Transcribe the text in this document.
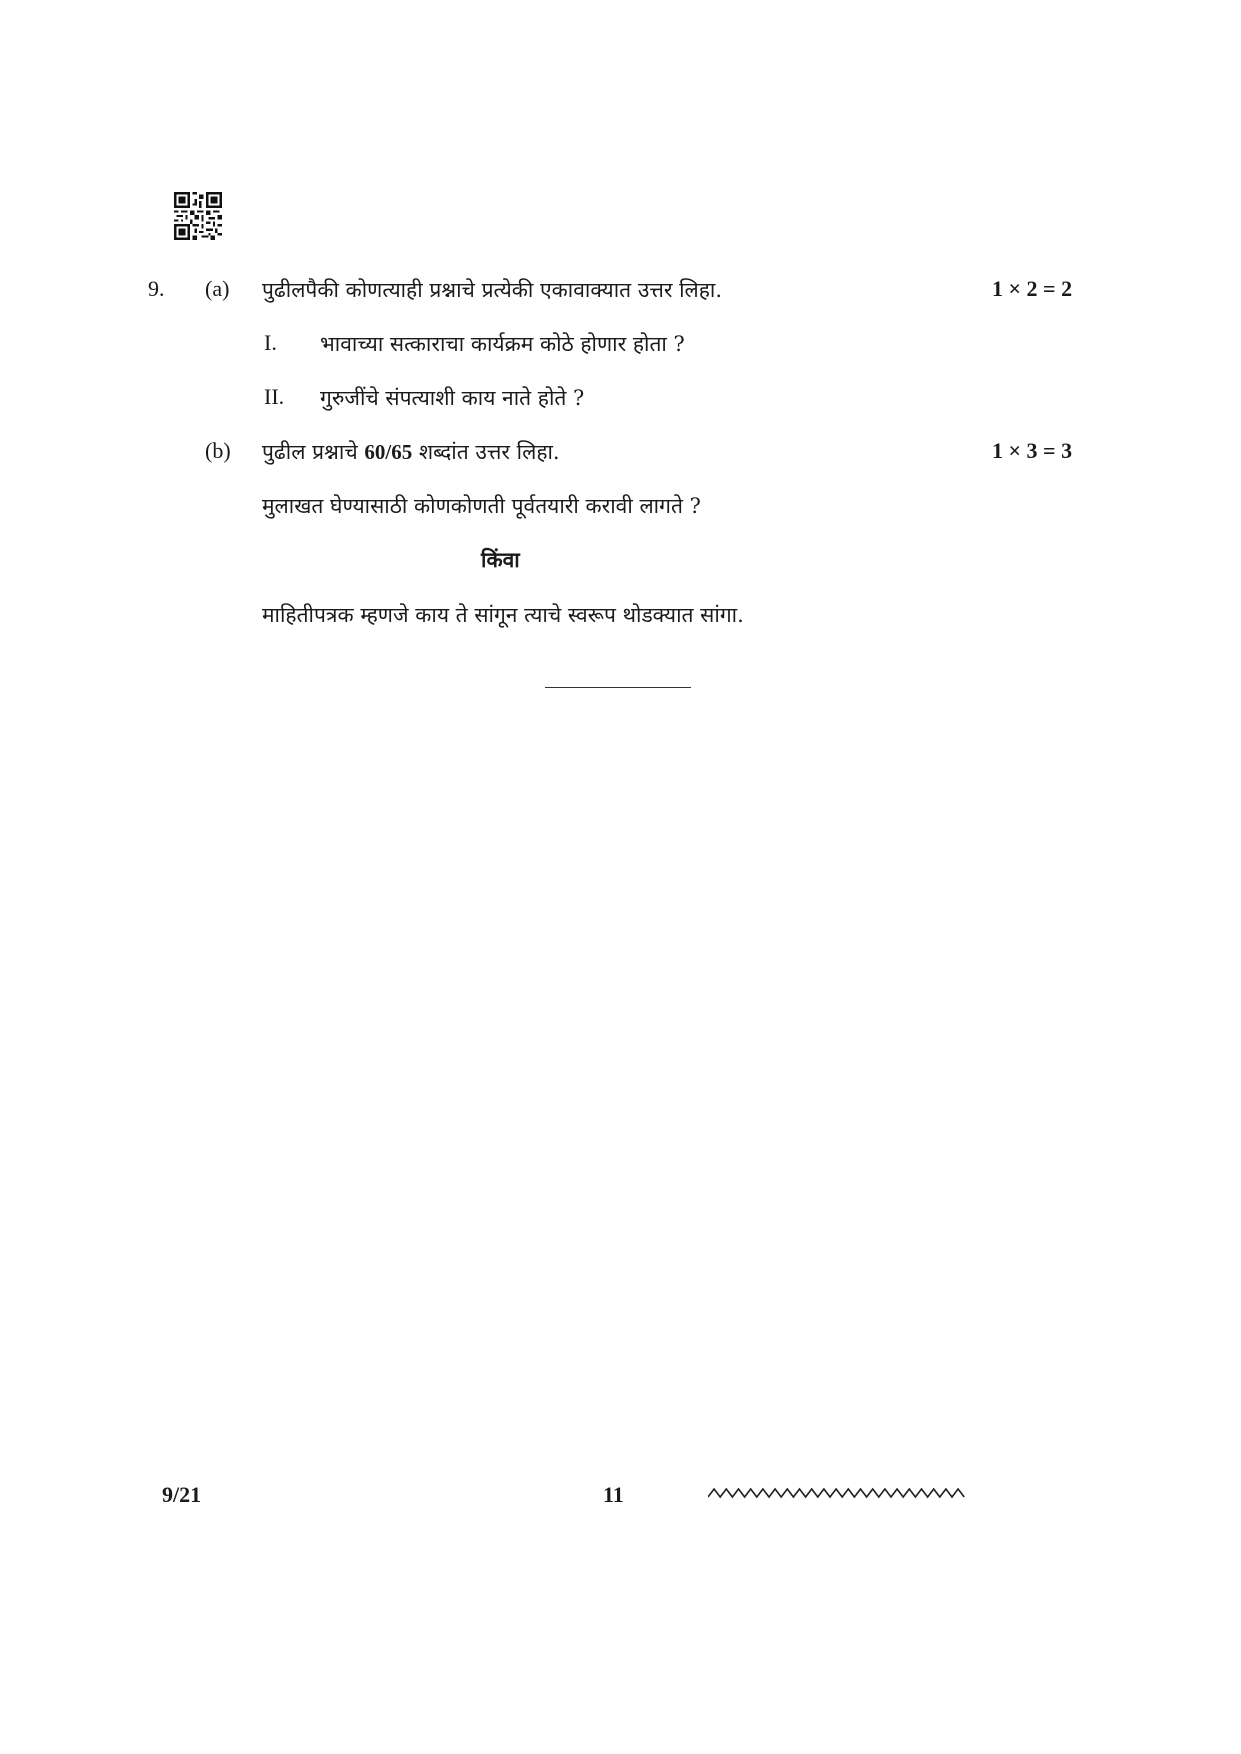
9. (a) पुढीलपैकी कोणत्याही प्रश्नाचे प्रत्येकी एकावाक्यात उत्तर लिहा.	1 × 2 = 2
I. भावाच्या सत्काराचा कार्यक्रम कोठे होणार होता ?
II. गुरुजींचे संपत्याशी काय नाते होते ?
(b) पुढील प्रश्नाचे 60/65 शब्दांत उत्तर लिहा.	1 × 3 = 3
मुलाखत घेण्यासाठी कोणकोणती पूर्वतयारी करावी लागते ?
किंवा
माहितीपत्रक म्हणजे काय ते सांगून त्याचे स्वरूप थोडक्यात सांगा.
9/21	11
